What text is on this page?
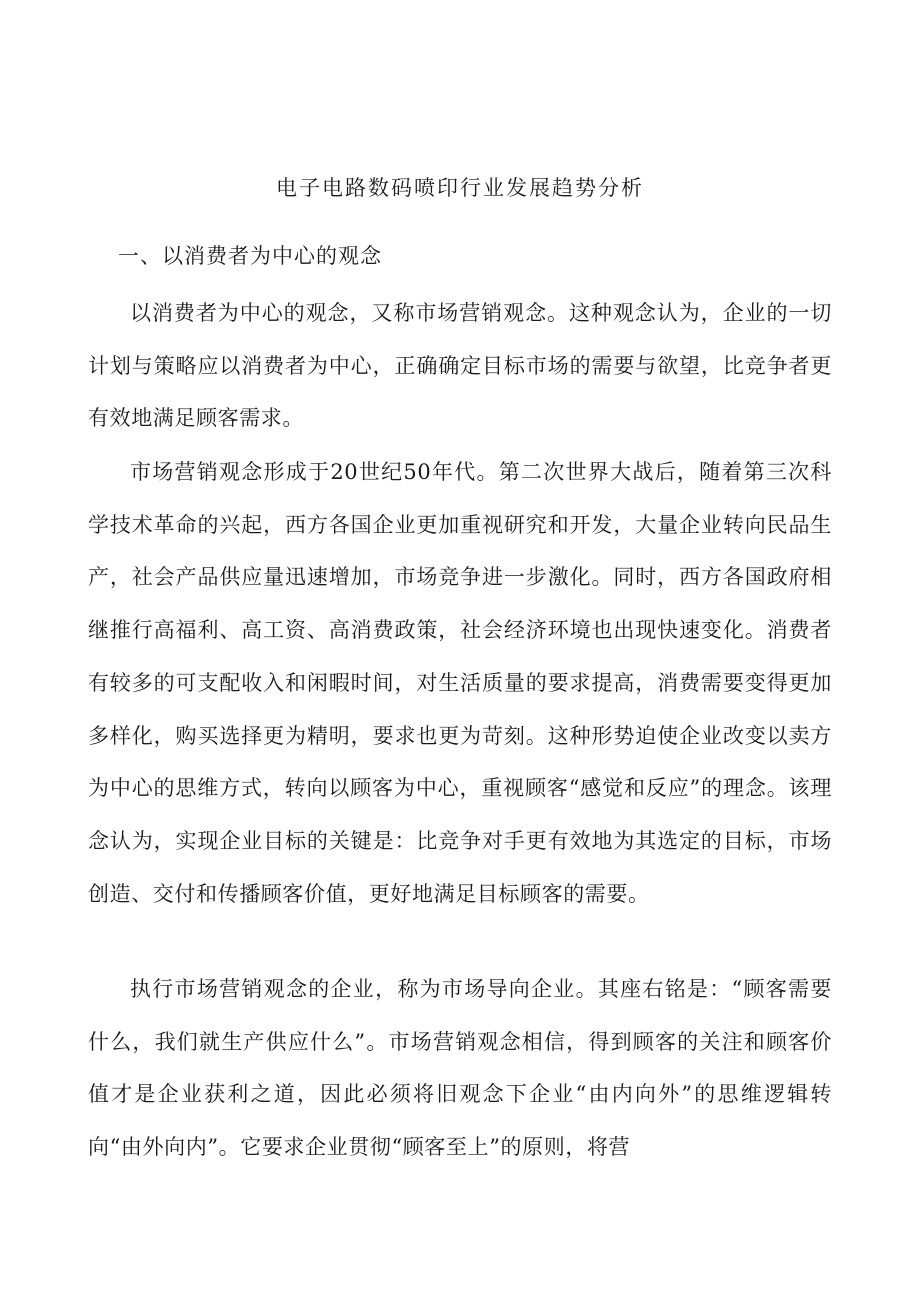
电子电路数码喷印行业发展趋势分析
一、以消费者为中心的观念

以消费者为中心的观念，又称市场营销观念。这种观念认为，企业的一切计划与策略应以消费者为中心，正确确定目标市场的需要与欲望，比竞争者更有效地满足顾客需求。

市场营销观念形成于20世纪50年代。第二次世界大战后，随着第三次科学技术革命的兴起，西方各国企业更加重视研究和开发，大量企业转向民品生产，社会产品供应量迅速增加，市场竞争进一步激化。同时，西方各国政府相继推行高福利、高工资、高消费政策，社会经济环境也出现快速变化。消费者有较多的可支配收入和闲暇时间，对生活质量的要求提高，消费需要变得更加多样化，购买选择更为精明，要求也更为苛刻。这种形势迫使企业改变以卖方为中心的思维方式，转向以顾客为中心，重视顾客“感觉和反应”的理念。该理念认为，实现企业目标的关键是：比竞争对手更有效地为其选定的目标，市场创造、交付和传播顾客价值，更好地满足目标顾客的需要。

执行市场营销观念的企业，称为市场导向企业。其座右铭是：“顾客需要什么，我们就生产供应什么”。市场营销观念相信，得到顾客的关注和顾客价值才是企业获利之道，因此必须将旧观念下企业“由内向外”的思维逻辑转向“由外向内”。它要求企业贯彻“顾客至上”的原则，将营
